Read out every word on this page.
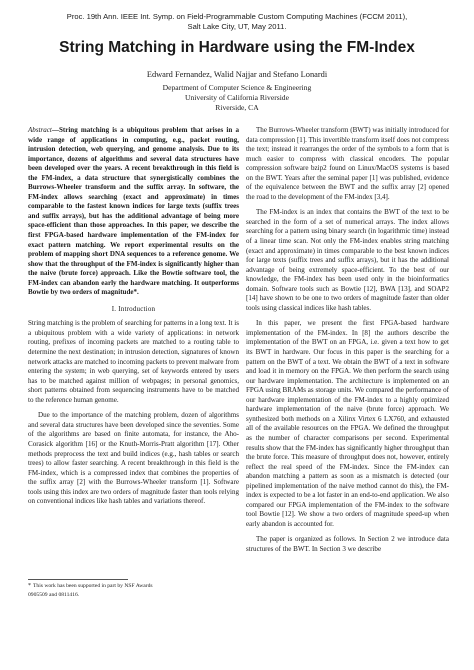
Proc. 19th Ann. IEEE Int. Symp. on Field-Programmable Custom Computing Machines (FCCM 2011),
Salt Lake City, UT, May 2011.
String Matching in Hardware using the FM-Index
Edward Fernandez, Walid Najjar and Stefano Lonardi
Department of Computer Science & Engineering
University of California Riverside
Riverside, CA

Abstract—String matching is a ubiquitous problem that arises in a wide range of applications in computing, e.g., packet routing, intrusion detection, web querying, and genome analysis. Due to its importance, dozens of algorithms and several data structures have been developed over the years. A recent breakthrough in this field is the FM-index, a data structure that synergistically combines the Burrows-Wheeler transform and the suffix array. In software, the FM-index allows searching (exact and approximate) in times comparable to the fastest known indices for large texts (suffix trees and suffix arrays), but has the additional advantage of being more space-efficient than those approaches. In this paper, we describe the first FPGA-based hardware implementation of the FM-index for exact pattern matching. We report experimental results on the problem of mapping short DNA sequences to a reference genome. We show that the throughput of the FM-index is significantly higher than the naive (brute force) approach. Like the Bowtie software tool, the FM-index can abandon early the hardware matching. It outperforms Bowtie by two orders of magnitude*.

I. Introduction

String matching is the problem of searching for patterns in a long text. It is a ubiquitous problem with a wide variety of applications: in network routing, prefixes of incoming packets are matched to a routing table to determine the next destination; in intrusion detection, signatures of known network attacks are matched to incoming packets to prevent malware from entering the system; in web querying, set of keywords entered by users has to be matched against million of webpages; in personal genomics, short patterns obtained from sequencing instruments have to be matched to the reference human genome.

Due to the importance of the matching problem, dozen of algorithms and several data structures have been developed since the seventies. Some of the algorithms are based on finite automata, for instance, the Aho-Corasick algorithm [16] or the Knuth-Morris-Pratt algorithm [17]. Other methods preprocess the text and build indices (e.g., hash tables or search trees) to allow faster searching. A recent breakthrough in this field is the FM-index, which is a compressed index that combines the properties of the suffix array [2] with the Burrows-Wheeler transform [1]. Software tools using this index are two orders of magnitude faster than tools relying on conventional indices like hash tables and variations thereof.

* This work has been supported in part by NSF Awards 0905509 and 0811416.

The Burrows-Wheeler transform (BWT) was initially introduced for data compression [1]. This invertible transform itself does not compress the text; instead it rearranges the order of the symbols to a form that is much easier to compress with classical encoders. The popular compression software bzip2 found on Linux/MacOS systems is based on the BWT. Years after the seminal paper [1] was published, evidence of the equivalence between the BWT and the suffix array [2] opened the road to the development of the FM-index [3,4].

The FM-index is an index that contains the BWT of the text to be searched in the form of a set of numerical arrays. The index allows searching for a pattern using binary search (in logarithmic time) instead of a linear time scan. Not only the FM-index enables string matching (exact and approximate) in times comparable to the best known indices for large texts (suffix trees and suffix arrays), but it has the additional advantage of being extremely space-efficient. To the best of our knowledge, the FM-index has been used only in the bioinformatics domain. Software tools such as Bowtie [12], BWA [13], and SOAP2 [14] have shown to be one to two orders of magnitude faster than older tools using classical indices like hash tables.

In this paper, we present the first FPGA-based hardware implementation of the FM-index. In [8] the authors describe the implementation of the BWT on an FPGA, i.e. given a text how to get its BWT in hardware. Our focus in this paper is the searching for a pattern on the BWT of a text. We obtain the BWT of a text in software and load it in memory on the FPGA. We then perform the search using our hardware implementation. The architecture is implemented on an FPGA using BRAMs as storage units. We compared the performance of our hardware implementation of the FM-index to a highly optimized hardware implementation of the naive (brute force) approach. We synthesized both methods on a Xilinx Virtex 6 LX760, and exhausted all of the available resources on the FPGA. We defined the throughput as the number of character comparisons per second. Experimental results show that the FM-index has significantly higher throughput than the brute force. This measure of throughput does not, however, entirely reflect the real speed of the FM-index. Since the FM-index can abandon matching a pattern as soon as a mismatch is detected (our pipelined implementation of the naive method cannot do this), the FM-index is expected to be a lot faster in an end-to-end application. We also compared our FPGA implementation of the FM-index to the software tool Bowtie [12]. We show a two orders of magnitude speed-up when early abandon is accounted for.

The paper is organized as follows. In Section 2 we introduce data structures of the BWT. In Section 3 we describe
